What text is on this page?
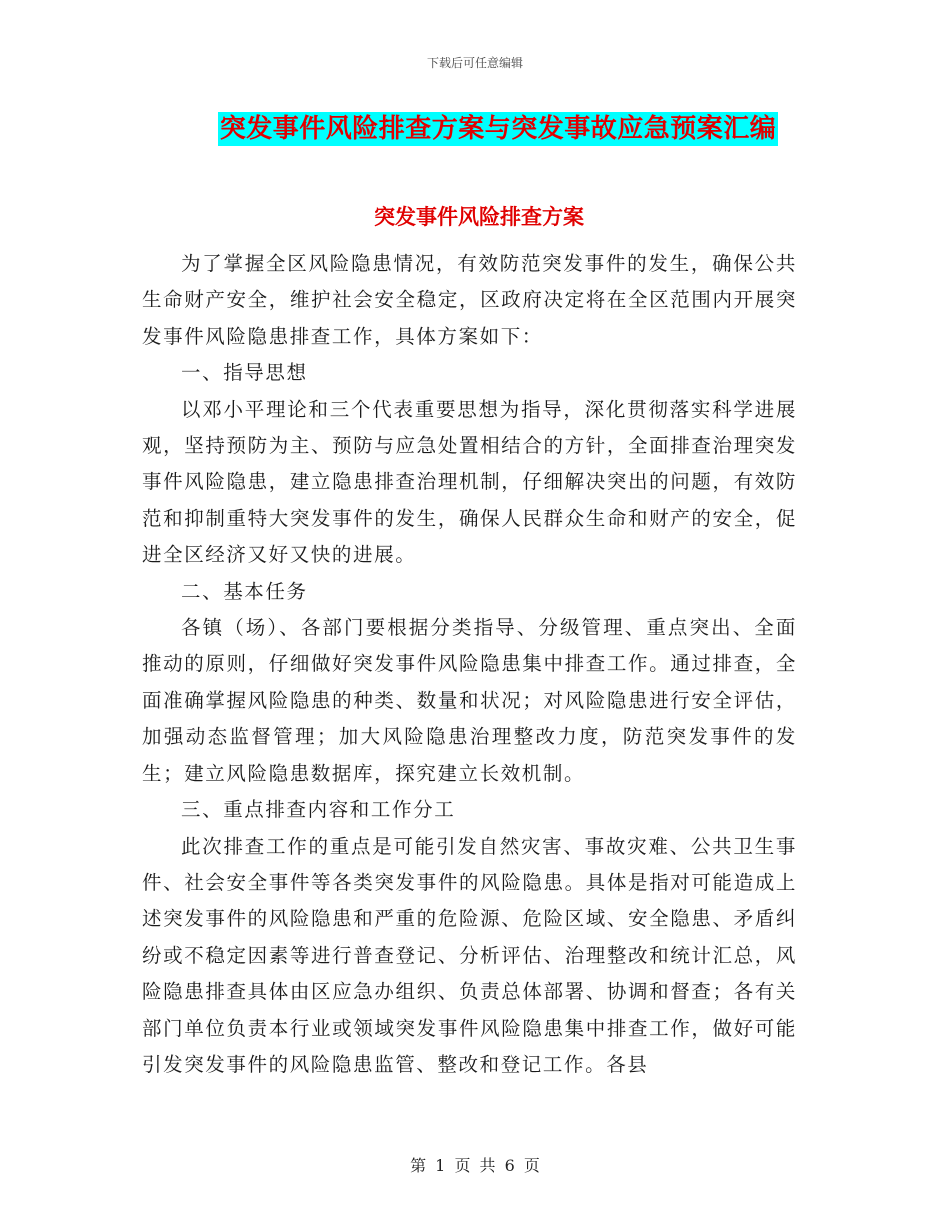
下载后可任意编辑
突发事件风险排查方案与突发事故应急预案汇编
突发事件风险排查方案

为了掌握全区风险隐患情况，有效防范突发事件的发生，确保公共生命财产安全，维护社会安全稳定，区政府决定将在全区范围内开展突发事件风险隐患排查工作，具体方案如下：

一、指导思想

以邓小平理论和三个代表重要思想为指导，深化贯彻落实科学进展观，坚持预防为主、预防与应急处置相结合的方针，全面排查治理突发事件风险隐患，建立隐患排查治理机制，仔细解决突出的问题，有效防范和抑制重特大突发事件的发生，确保人民群众生命和财产的安全，促进全区经济又好又快的进展。

二、基本任务

各镇（场）、各部门要根据分类指导、分级管理、重点突出、全面推动的原则，仔细做好突发事件风险隐患集中排查工作。通过排查，全面准确掌握风险隐患的种类、数量和状况；对风险隐患进行安全评估，加强动态监督管理；加大风险隐患治理整改力度，防范突发事件的发生；建立风险隐患数据库，探究建立长效机制。

三、重点排查内容和工作分工

此次排查工作的重点是可能引发自然灾害、事故灾难、公共卫生事件、社会安全事件等各类突发事件的风险隐患。具体是指对可能造成上述突发事件的风险隐患和严重的危险源、危险区域、安全隐患、矛盾纠纷或不稳定因素等进行普查登记、分析评估、治理整改和统计汇总，风险隐患排查具体由区应急办组织、负责总体部署、协调和督查；各有关部门单位负责本行业或领域突发事件风险隐患集中排查工作，做好可能引发突发事件的风险隐患监管、整改和登记工作。各县

第 1 页 共 6 页
